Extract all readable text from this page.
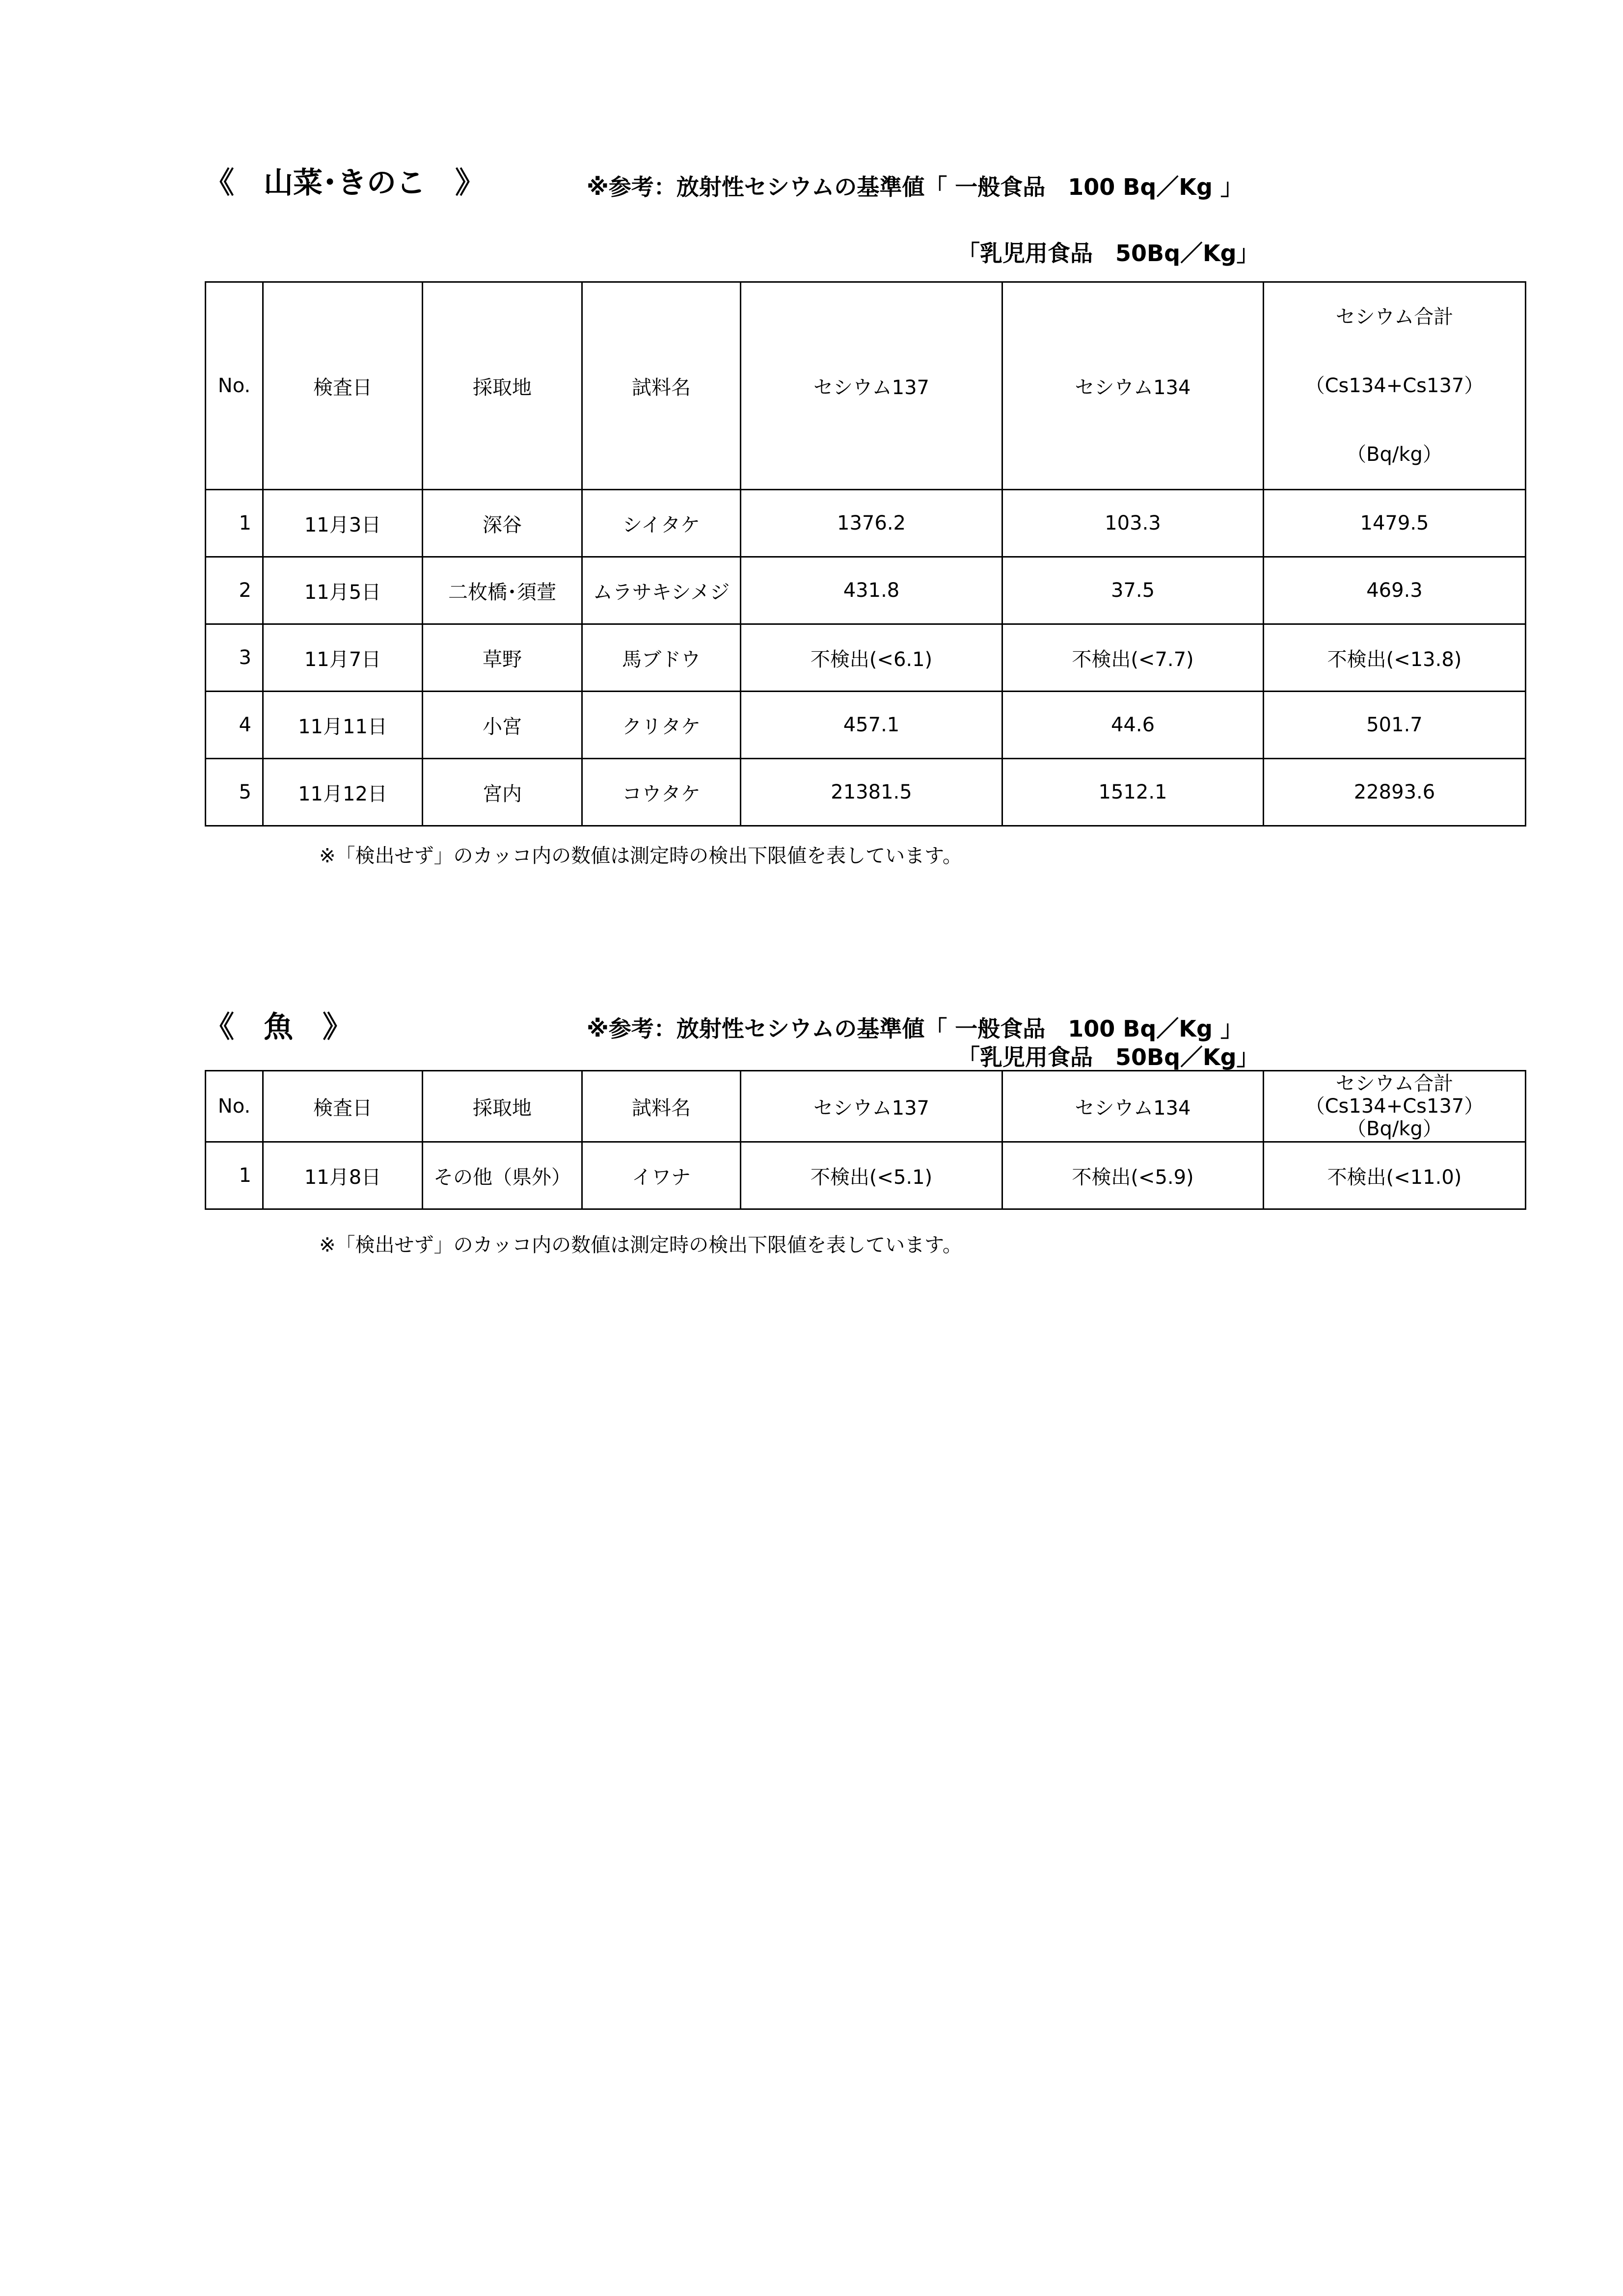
《　山菜･きのこ　》	※参考：放射性セシウムの基準値「 一般食品　100 Bq／Kg 」
「乳児用食品　50Bq／Kg」
No.	検査日	採取地	試料名	セシウム137	セシウム134	セシウム合計
（Cs134+Cs137）
（Bq/kg）

1	11月3日	深谷	シイタケ	1376.2	103.3	1479.5
2	11月5日	二枚橋･須萱	ムラサキシメジ	431.8	37.5	469.3
3	11月7日	草野	馬ブドウ	不検出(<6.1)	不検出(<7.7)	不検出(<13.8)
4	11月11日	小宮	クリタケ	457.1	44.6	501.7
5	11月12日	宮内	コウタケ	21381.5	1512.1	22893.6
※「検出せず」のカッコ内の数値は測定時の検出下限値を表しています。
《　魚　》	※参考：放射性セシウムの基準値「 一般食品　100 Bq／Kg 」
「乳児用食品　50Bq／Kg」
No.	検査日	採取地	試料名	セシウム137	セシウム134	セシウム合計
（Cs134+Cs137）
（Bq/kg）

1	11月8日	その他（県外）	イワナ	不検出(<5.1)	不検出(<5.9)	不検出(<11.0)
※「検出せず」のカッコ内の数値は測定時の検出下限値を表しています。
